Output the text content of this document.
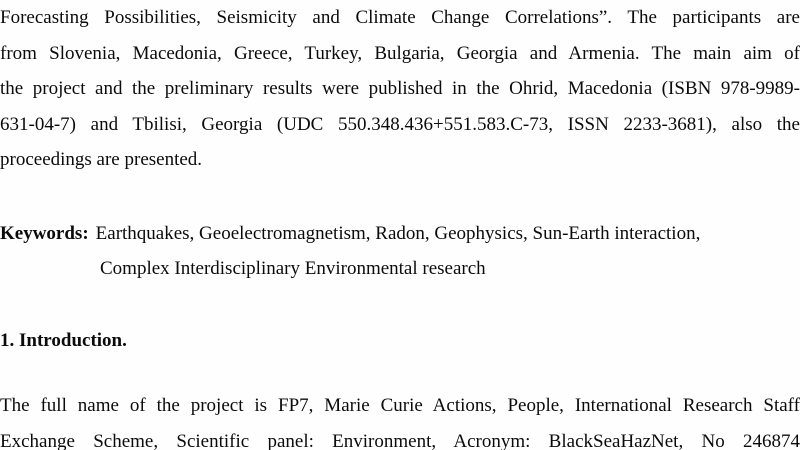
Forecasting Possibilities, Seismicity and Climate Change Correlations”. The participants are
from Slovenia, Macedonia, Greece, Turkey, Bulgaria, Georgia and Armenia. The main aim of
the project and the preliminary results were published in the Ohrid, Macedonia (ISBN 978-9989-
631-04-7) and Tbilisi, Georgia (UDC 550.348.436+551.583.C-73, ISSN 2233-3681), also the
proceedings are presented.
Keywords: Earthquakes, Geoelectromagnetism, Radon, Geophysics, Sun-Earth interaction,
Complex Interdisciplinary Environmental research
1. Introduction.
The full name of the project is FP7, Marie Curie Actions, People, International Research Staff
Exchange Scheme, Scientific panel: Environment, Acronym: BlackSeaHazNet, No 246874
